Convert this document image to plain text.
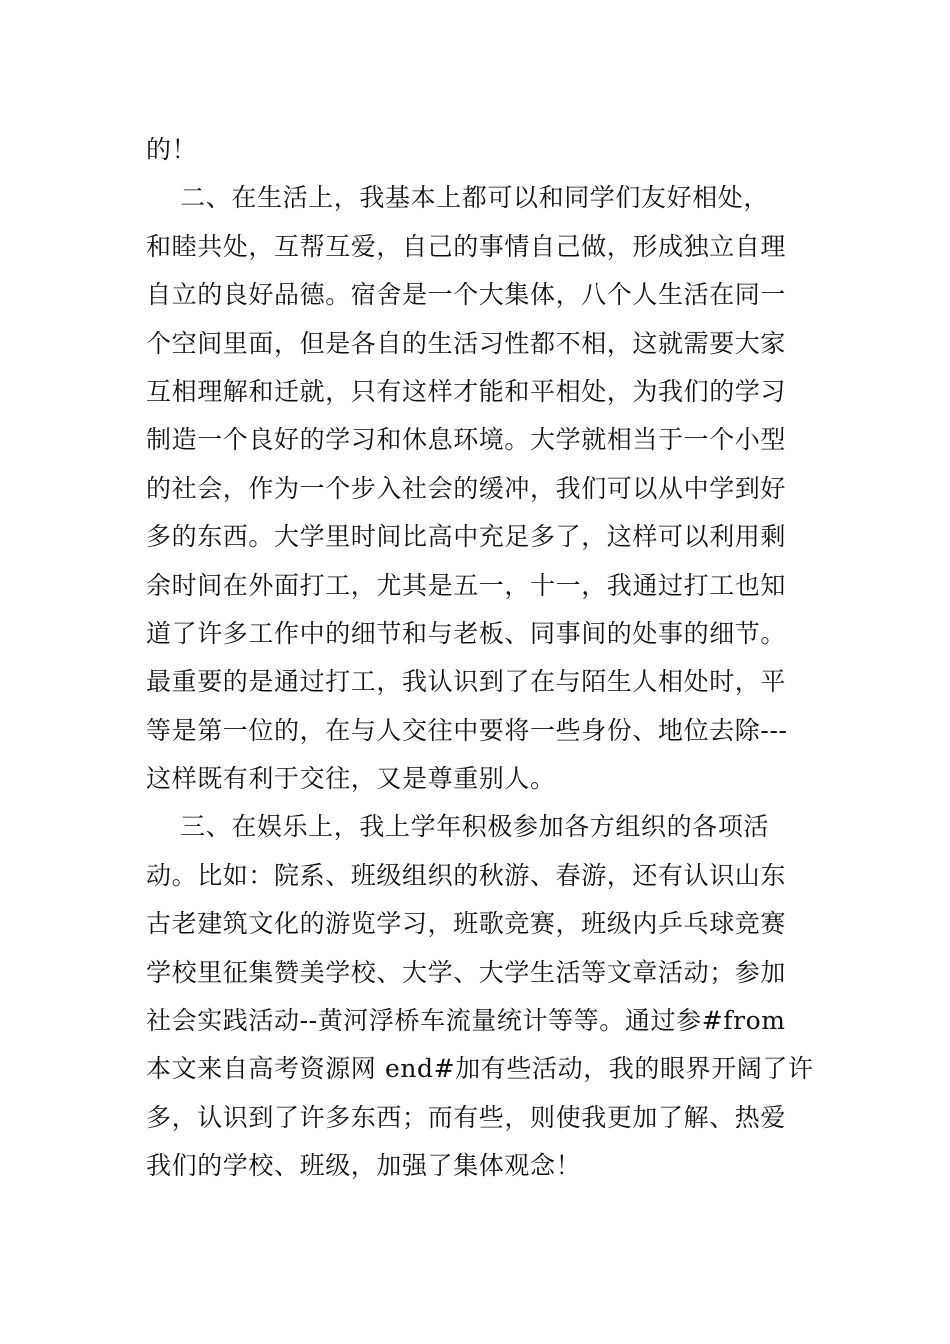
的！
二、在生活上，我基本上都可以和同学们友好相处，
和睦共处，互帮互爱，自己的事情自己做，形成独立自理
自立的良好品德。宿舍是一个大集体，八个人生活在同一
个空间里面，但是各自的生活习性都不相，这就需要大家
互相理解和迁就，只有这样才能和平相处，为我们的学习
制造一个良好的学习和休息环境。大学就相当于一个小型
的社会，作为一个步入社会的缓冲，我们可以从中学到好
多的东西。大学里时间比高中充足多了，这样可以利用剩
余时间在外面打工，尤其是五一，十一，我通过打工也知
道了许多工作中的细节和与老板、同事间的处事的细节。
最重要的是通过打工，我认识到了在与陌生人相处时，平
等是第一位的，在与人交往中要将一些身份、地位去除---
这样既有利于交往，又是尊重别人。
三、在娱乐上，我上学年积极参加各方组织的各项活
动。比如：院系、班级组织的秋游、春游，还有认识山东
古老建筑文化的游览学习，班歌竞赛，班级内乒乓球竞赛
学校里征集赞美学校、大学、大学生活等文章活动；参加
社会实践活动--黄河浮桥车流量统计等等。通过参#from
本文来自高考资源网 end#加有些活动，我的眼界开阔了许
多，认识到了许多东西；而有些，则使我更加了解、热爱
我们的学校、班级，加强了集体观念！
